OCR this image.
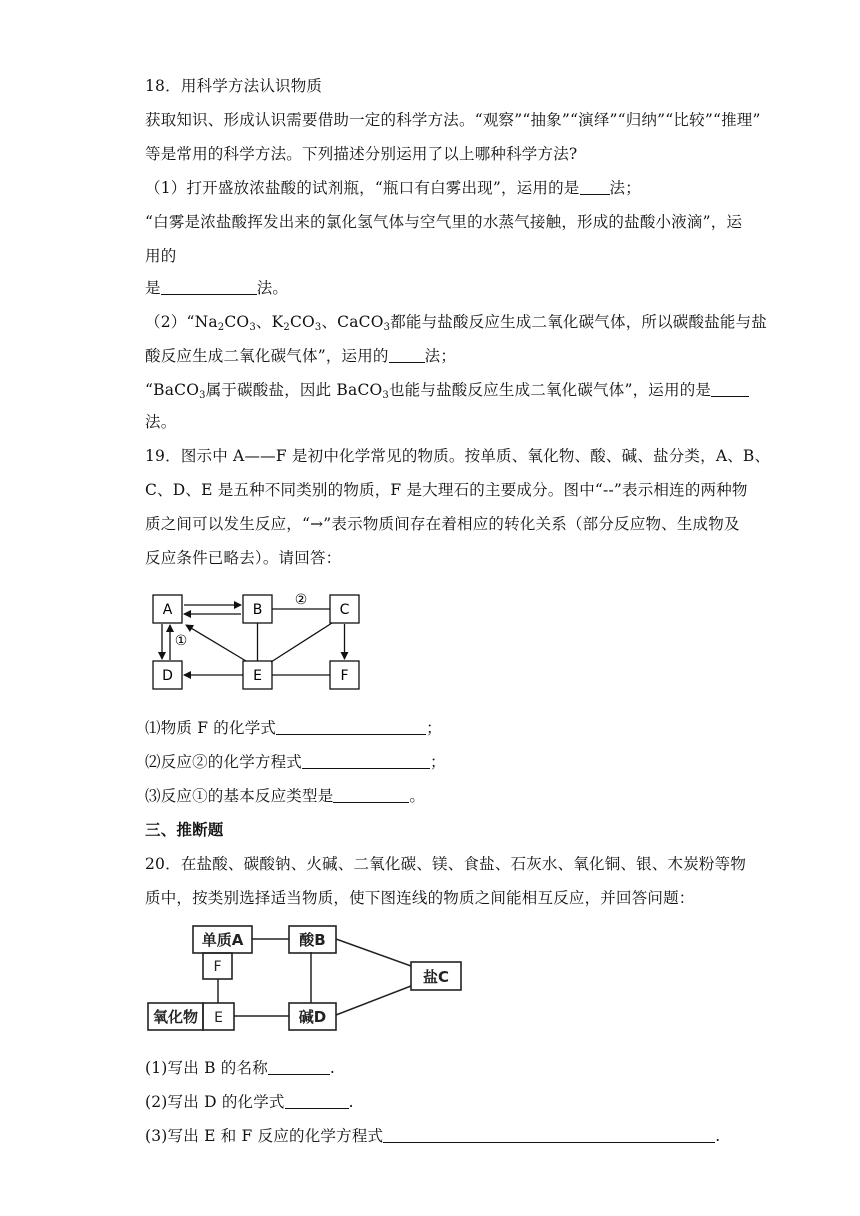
18．用科学方法认识物质
获取知识、形成认识需要借助一定的科学方法。“观察”“抽象”“演绎”“归纳”“比较”“推理”
等是常用的科学方法。下列描述分别运用了以上哪种科学方法?
（1）打开盛放浓盐酸的试剂瓶，“瓶口有白雾出现”，运用的是 法；
“白雾是浓盐酸挥发出来的氯化氢气体与空气里的水蒸气接触，形成的盐酸小液滴”，运
用的
是	法。
$(2)“Na_2CO_3$、$K_2CO_3$、CaCO$_3$都能与盐酸反应生成二氧化碳气体，所以碳酸盐能与盐
酸反应生成二氧化碳气体”，运用的 法；
“BaCO$_3$属于碳酸盐，因此 BaCO$_3$也能与盐酸反应生成二氧化碳气体”，运用的是
法。
19．图示中 A——F 是初中化学常见的物质。按单质、氧化物、酸、碱、盐分类，A、B、
C、D、E 是五种不同类别的物质，F 是大理石的主要成分。图中“--”表示相连的两种物
质之间可以发生反应，“→”表示物质间存在着相应的转化关系（部分反应物、生成物及
反应条件已略去）。请回答：
A	B	C
D	E	F
②
①
⑴物质 F 的化学式	；
⑵反应②的化学方程式	；
⑶反应①的基本反应类型是	。
三、推断题
20．在盐酸、碳酸钠、火碱、二氧化碳、镁、食盐、石灰水、氧化铜、银、木炭粉等物
质中，按类别选择适当物质，使下图连线的物质之间能相互反应，并回答问题：
单质A	酸B
F
盐C
氧化物 E	碱D
(1)写出 B 的名称	.
(2)写出 D 的化学式	.
(3)写出 E 和 F 反应的化学方程式	.
